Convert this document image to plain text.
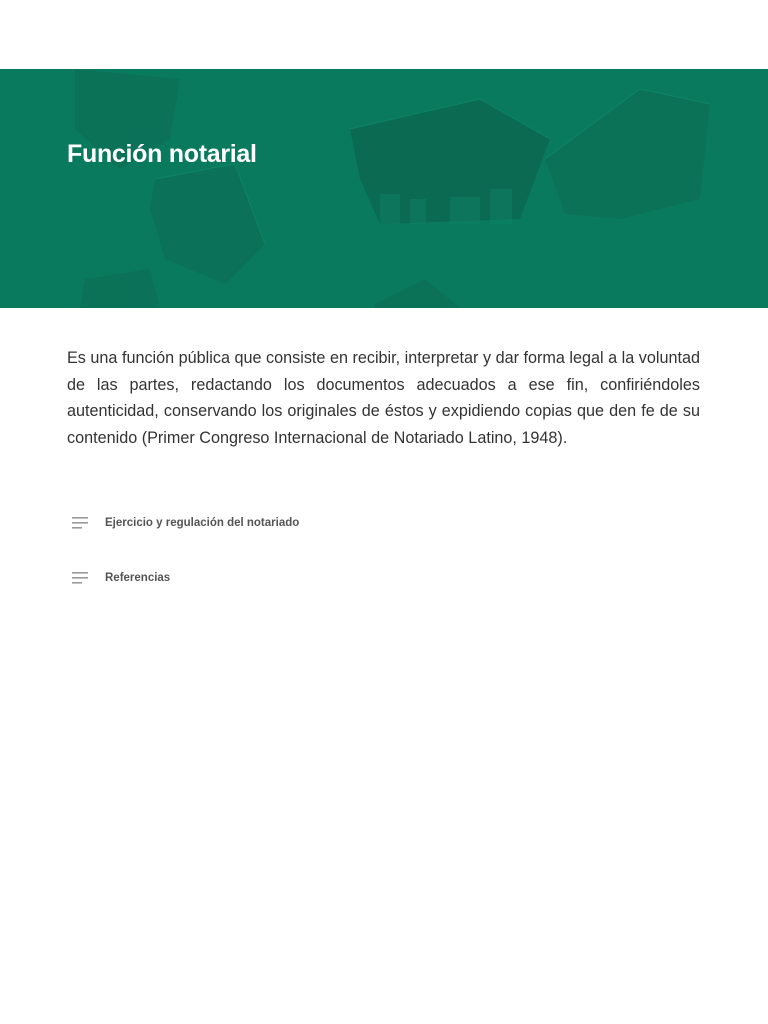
Función notarial

Es una función pública que consiste en recibir, interpretar y dar forma legal a la voluntad de las partes, redactando los documentos adecuados a ese fin, confiriéndoles autenticidad, conservando los originales de éstos y expidiendo copias que den fe de su contenido (Primer Congreso Internacional de Notariado Latino, 1948).

Ejercicio y regulación del notariado
Referencias
